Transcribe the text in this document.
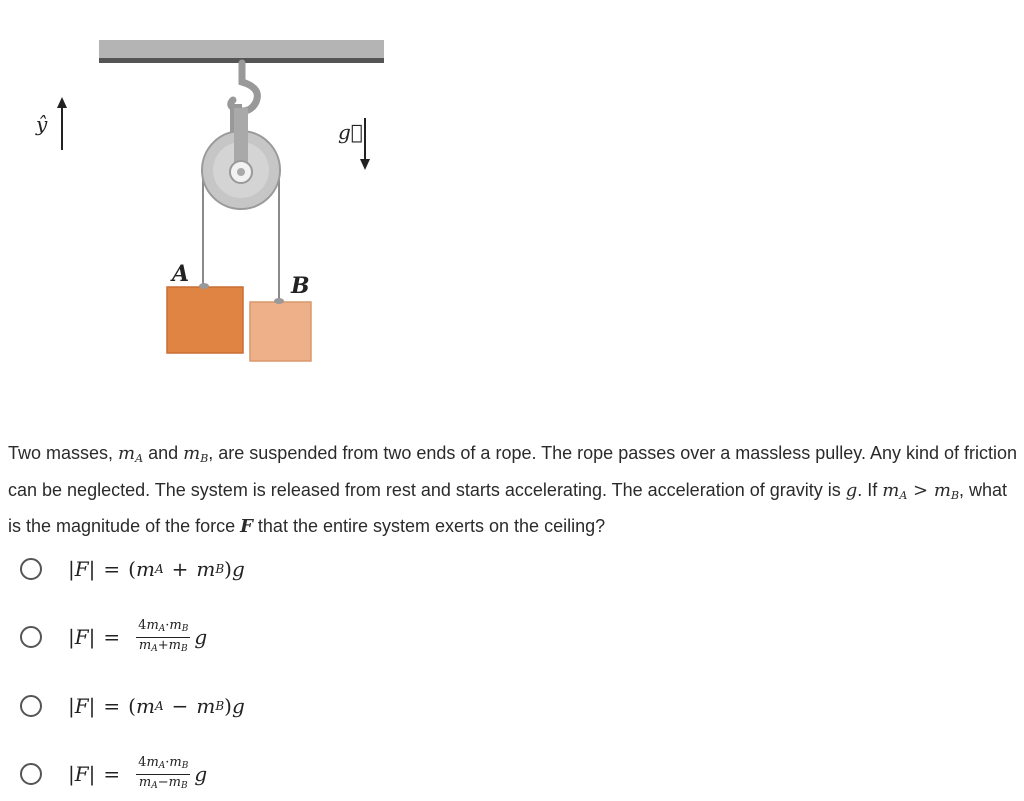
A	B
ŷ	g⃗
Two masses, $m_A$ and $m_B$, are suspended from two ends of a rope. The rope passes over a massless pulley. Any kind of friction can be neglected. The system is released from rest and starts accelerating. The acceleration of gravity is g. If $m_A > m_B$, what is the magnitude of the force F that the entire system exerts on the ceiling?
| F | = ( m A + m B ) g
| F | = $\frac{4m_A\cdot m_B}{m_A+m_B}$ g
| F | = ( m A − m B ) g
| F | = $\frac{4m_A\cdot m_B}{m_A-m_B}$ g
